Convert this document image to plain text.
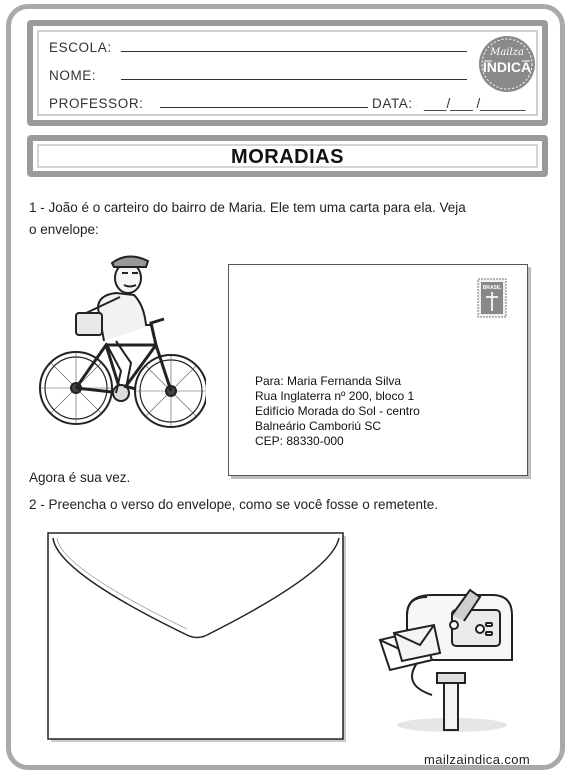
ESCOLA:
NOME:
PROFESSOR:	DATA: ___/___ /______
Mailza
INDICA
MORADIAS
1 - João é o carteiro do bairro de Maria. Ele tem uma carta para ela. Veja
o envelope:
BRASIL
Para: Maria Fernanda Silva
Rua Inglaterra nº 200, bloco 1
Edifício Morada do Sol - centro
Balneário Camboriú SC
CEP: 88330-000
Agora é sua vez.
2 - Preencha o verso do envelope, como se você fosse o remetente.
mailzaindica.com
